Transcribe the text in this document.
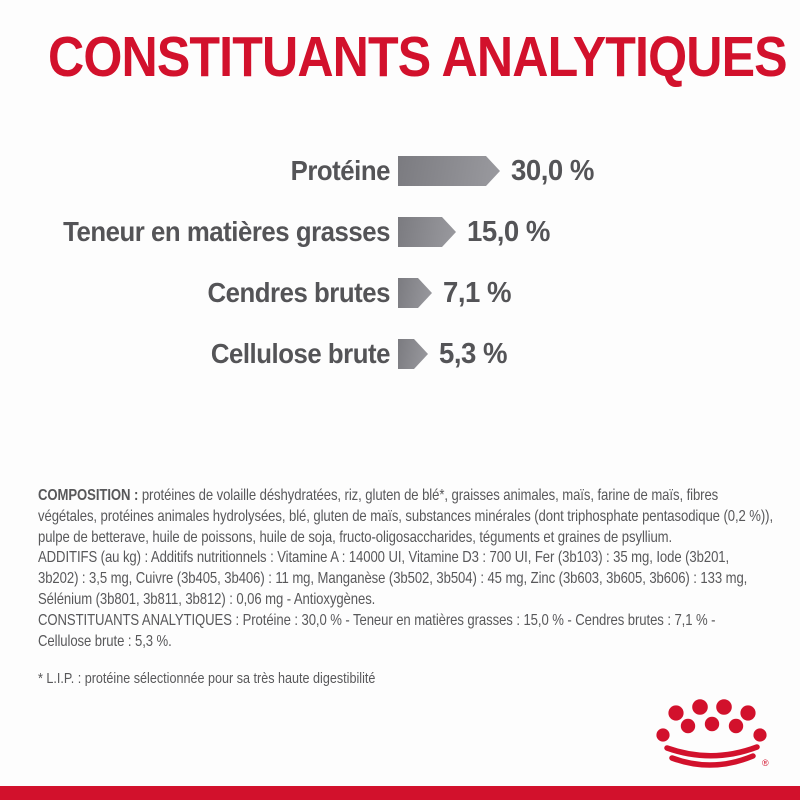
CONSTITUANTS ANALYTIQUES
Protéine	30,0 %
Teneur en matières grasses	15,0 %
Cendres brutes 7,1 %
Cellulose brute 5,3 %
COMPOSITION : protéines de volaille déshydratées, riz, gluten de blé*, graisses animales, maïs, farine de maïs, fibres
végétales, protéines animales hydrolysées, blé, gluten de maïs, substances minérales (dont triphosphate pentasodique (0,2 %)),
pulpe de betterave, huile de poissons, huile de soja, fructo-oligosaccharides, téguments et graines de psyllium.
ADDITIFS (au kg) : Additifs nutritionnels : Vitamine A : 14000 UI, Vitamine D3 : 700 UI, Fer (3b103) : 35 mg, Iode (3b201,
3b202) : 3,5 mg, Cuivre (3b405, 3b406) : 11 mg, Manganèse (3b502, 3b504) : 45 mg, Zinc (3b603, 3b605, 3b606) : 133 mg,
Sélénium (3b801, 3b811, 3b812) : 0,06 mg - Antioxygènes.
CONSTITUANTS ANALYTIQUES : Protéine : 30,0 % - Teneur en matières grasses : 15,0 % - Cendres brutes : 7,1 % -
Cellulose brute : 5,3 %.
* L.I.P. : protéine sélectionnée pour sa très haute digestibilité
®
